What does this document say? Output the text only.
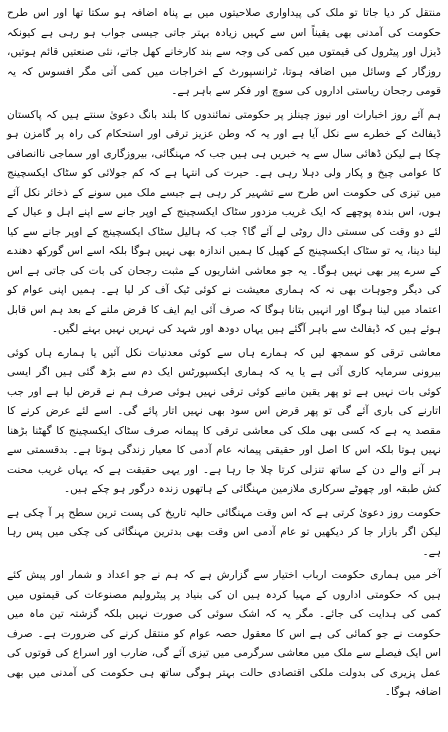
منتقل کر دیا جاتا تو ملک کی پیداواری صلاحیتوں میں بے پناہ اضافہ ہو سکتا تھا اور اس طرح حکومت کی آمدنی بھی یقیناً اس سے کہیں زیادہ بہتر جاتی جیسی جواب ہو رہی ہے کیونکہ ڈیزل اور پیٹرول کی قیمتوں میں کمی کی وجہ سے بند کارخانے کھل جاتے، نئی صنعتیں قائم ہوتیں، روزگار کے وسائل میں اضافہ ہوتا، ٹرانسپورٹ کے اخراجات میں کمی آتی مگر افسوس کہ یہ قومی رجحان ریاستی اداروں کی سوچ اور فکر سے باہر ہے۔

ہم آئے روز اخبارات اور نیوز چینلز پر حکومتی نمائندوں کا بلند بانگ دعویٰ سنتے ہیں کہ پاکستان ڈیفالٹ کے خطرے سے نکل آیا ہے اور یہ کہ وطن عزیز ترقی اور استحکام کی راہ پر گامزن ہو چکا ہے لیکن ڈھائی سال سے یہ خبریں ہی ہیں جب کہ مہنگائی، بیروزگاری اور سماجی ناانصافی کا عوامی چیخ و پکار ولی دہلا رہی ہے۔ حیرت کی انتہا ہے کہ کم جولائی کو سٹاک ایکسچینج میں تیزی کی حکومت اس طرح سے تشہیر کر رہی ہے جیسے ملک میں سونے کے ذخائر نکل آئے ہوں، اس بندہ پوچھے کہ ایک غریب مزدور سٹاک ایکسچینج کے اوپر جانے سے اپنے اہل و عیال کے لئے دو وقت کی سستی دال روٹی لے آئے گا؟ جب کہ ہالیل سٹاک ایکسچینج کے اوپر جانے سے کیا لینا دینا، یہ تو سٹاک ایکسچینج کے کھیل کا ہمیں اندازہ بھی نہیں ہوگا بلکہ اسے اس گورکھ دھندے کے سرے پیر بھی نہیں ہوگا۔ یہ جو معاشی اشاریوں کے مثبت رجحان کی بات کی جاتی ہے اس کی دیگر وجوہات بھی نہ کہ ہماری معیشت نے کوئی ٹیک آف کر لیا ہے۔ ہمیں اپنی عوام کو اعتماد میں لینا ہوگا اور انہیں بتانا ہوگا کہ صرف آئی ایم ایف کا قرض ملنے کے بعد ہم اس قابل ہوئے ہیں کہ ڈیفالٹ سے باہر آگئے ہیں یہاں دودھ اور شہد کی نہریں نہیں بہنے لگیں۔

معاشی ترقی کو سمجھ لیں کہ ہمارے ہاں سے کوئی معدنیات نکل آئیں یا ہمارے ہاں کوئی بیرونی سرمایہ کاری آئی ہے یا یہ کہ ہماری ایکسپورٹس ایک دم سے بڑھ گئی ہیں اگر ایسی کوئی بات نہیں ہے تو پھر یقین مانیے کوئی ترقی نہیں ہوئی صرف ہم نے قرض لیا ہے اور جب اتارنے کی باری آئے گی تو پھر قرض اس سود بھی نہیں اتار پائے گی۔ اسے لئے عرض کرنے کا مقصد یہ ہے کہ کسی بھی ملک کی معاشی ترقی کا پیمانہ صرف سٹاک ایکسچینج کا گھٹنا بڑھنا نہیں ہوتا بلکہ اس کا اصل اور حقیقی پیمانہ عام آدمی کا معیار زندگی ہوتا ہے۔ بدقسمتی سے ہر آنے والے دن کے ساتھ تنزلی کرتا چلا جا رہا ہے۔ اور یہی حقیقت ہے کہ یہاں غریب محنت کش طبقہ اور چھوٹے سرکاری ملازمین مہنگائی کے ہاتھوں زندہ درگور ہو چکے ہیں۔

حکومت روز دعویٰ کرتی ہے کہ اس وقت مہنگائی حالیہ تاریخ کی پست ترین سطح پر آ چکی ہے لیکن اگر بازار جا کر دیکھیں تو عام آدمی اس وقت بھی بدترین مہنگائی کی چکی میں پس رہا ہے۔

آخر میں ہماری حکومت ارباب اختیار سے گزارش ہے کہ ہم نے جو اعداد و شمار اور پیش کئے ہیں کہ حکومتی اداروں کے مہیا کردہ ہیں ان کی بنیاد پر پیٹرولیم مصنوعات کی قیمتوں میں کمی کی ہدایت کی جائے۔ مگر یہ کہ اشک سوئی کی صورت نہیں بلکہ گزشتہ تین ماہ میں حکومت نے جو کمائی کی ہے اس کا معقول حصہ عوام کو منتقل کرنے کی ضرورت ہے۔ صرف اس ایک فیصلے سے ملک میں معاشی سرگرمی میں تیزی آئے گی، ضارب اور اسراع کی قوتوں کی عمل پزیری کی بدولت ملکی اقتصادی حالت بہتر ہوگی ساتھ ہی حکومت کی آمدنی میں بھی اضافہ ہوگا۔
